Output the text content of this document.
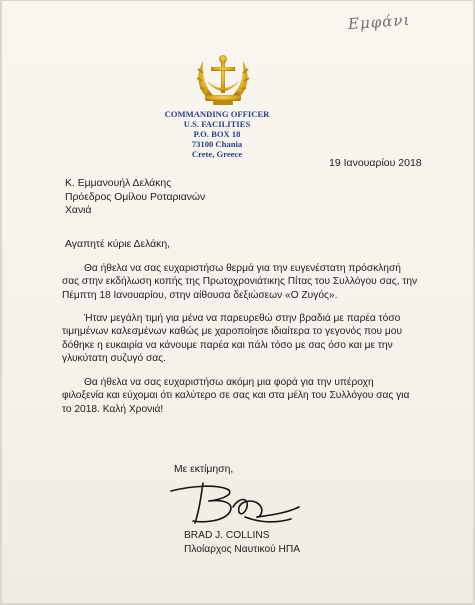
Εμφάνι
COMMANDING OFFICER
U.S. FACILITIES
P.O. BOX 18
73100 Chania
Crete, Greece
19 Ιανουαρίου 2018
Κ. Εμμανουήλ Δελάκης
Πρόεδρος Ομίλου Ροταριανών
Χανιά
Αγαπητέ κύριε Δελάκη,
Θα ήθελα να σας ευχαριστήσω θερμά για την ευγενέστατη πρόσκλησή
σας στην εκδήλωση κοπής της Πρωτοχρονιάτικης Πίτας του Συλλόγου σας, την
Πέμπτη 18 Ιανουαρίου, στην αίθουσα δεξιώσεων «Ο Ζυγός».
Ήταν μεγάλη τιμή για μένα να παρευρεθώ στην βραδιά με παρέα τόσο
τιμημένων καλεσμένων καθώς με χαροποίησε ιδιαίτερα το γεγονός που μου
δόθηκε η ευκαιρία να κάνουμε παρέα και πάλι τόσο με σας όσο και με την
γλυκύτατη συζυγό σας.
Θα ήθελα να σας ευχαριστήσω ακόμη μια φορά για την υπέροχη
φιλοξενία και εύχομαι ότι καλύτερο σε σας και στα μέλη του Συλλόγου σας για
το 2018. Καλή Χρονιά!
Με εκτίμηση,
BRAD J. COLLINS
Πλοίαρχος Ναυτικού ΗΠΑ
